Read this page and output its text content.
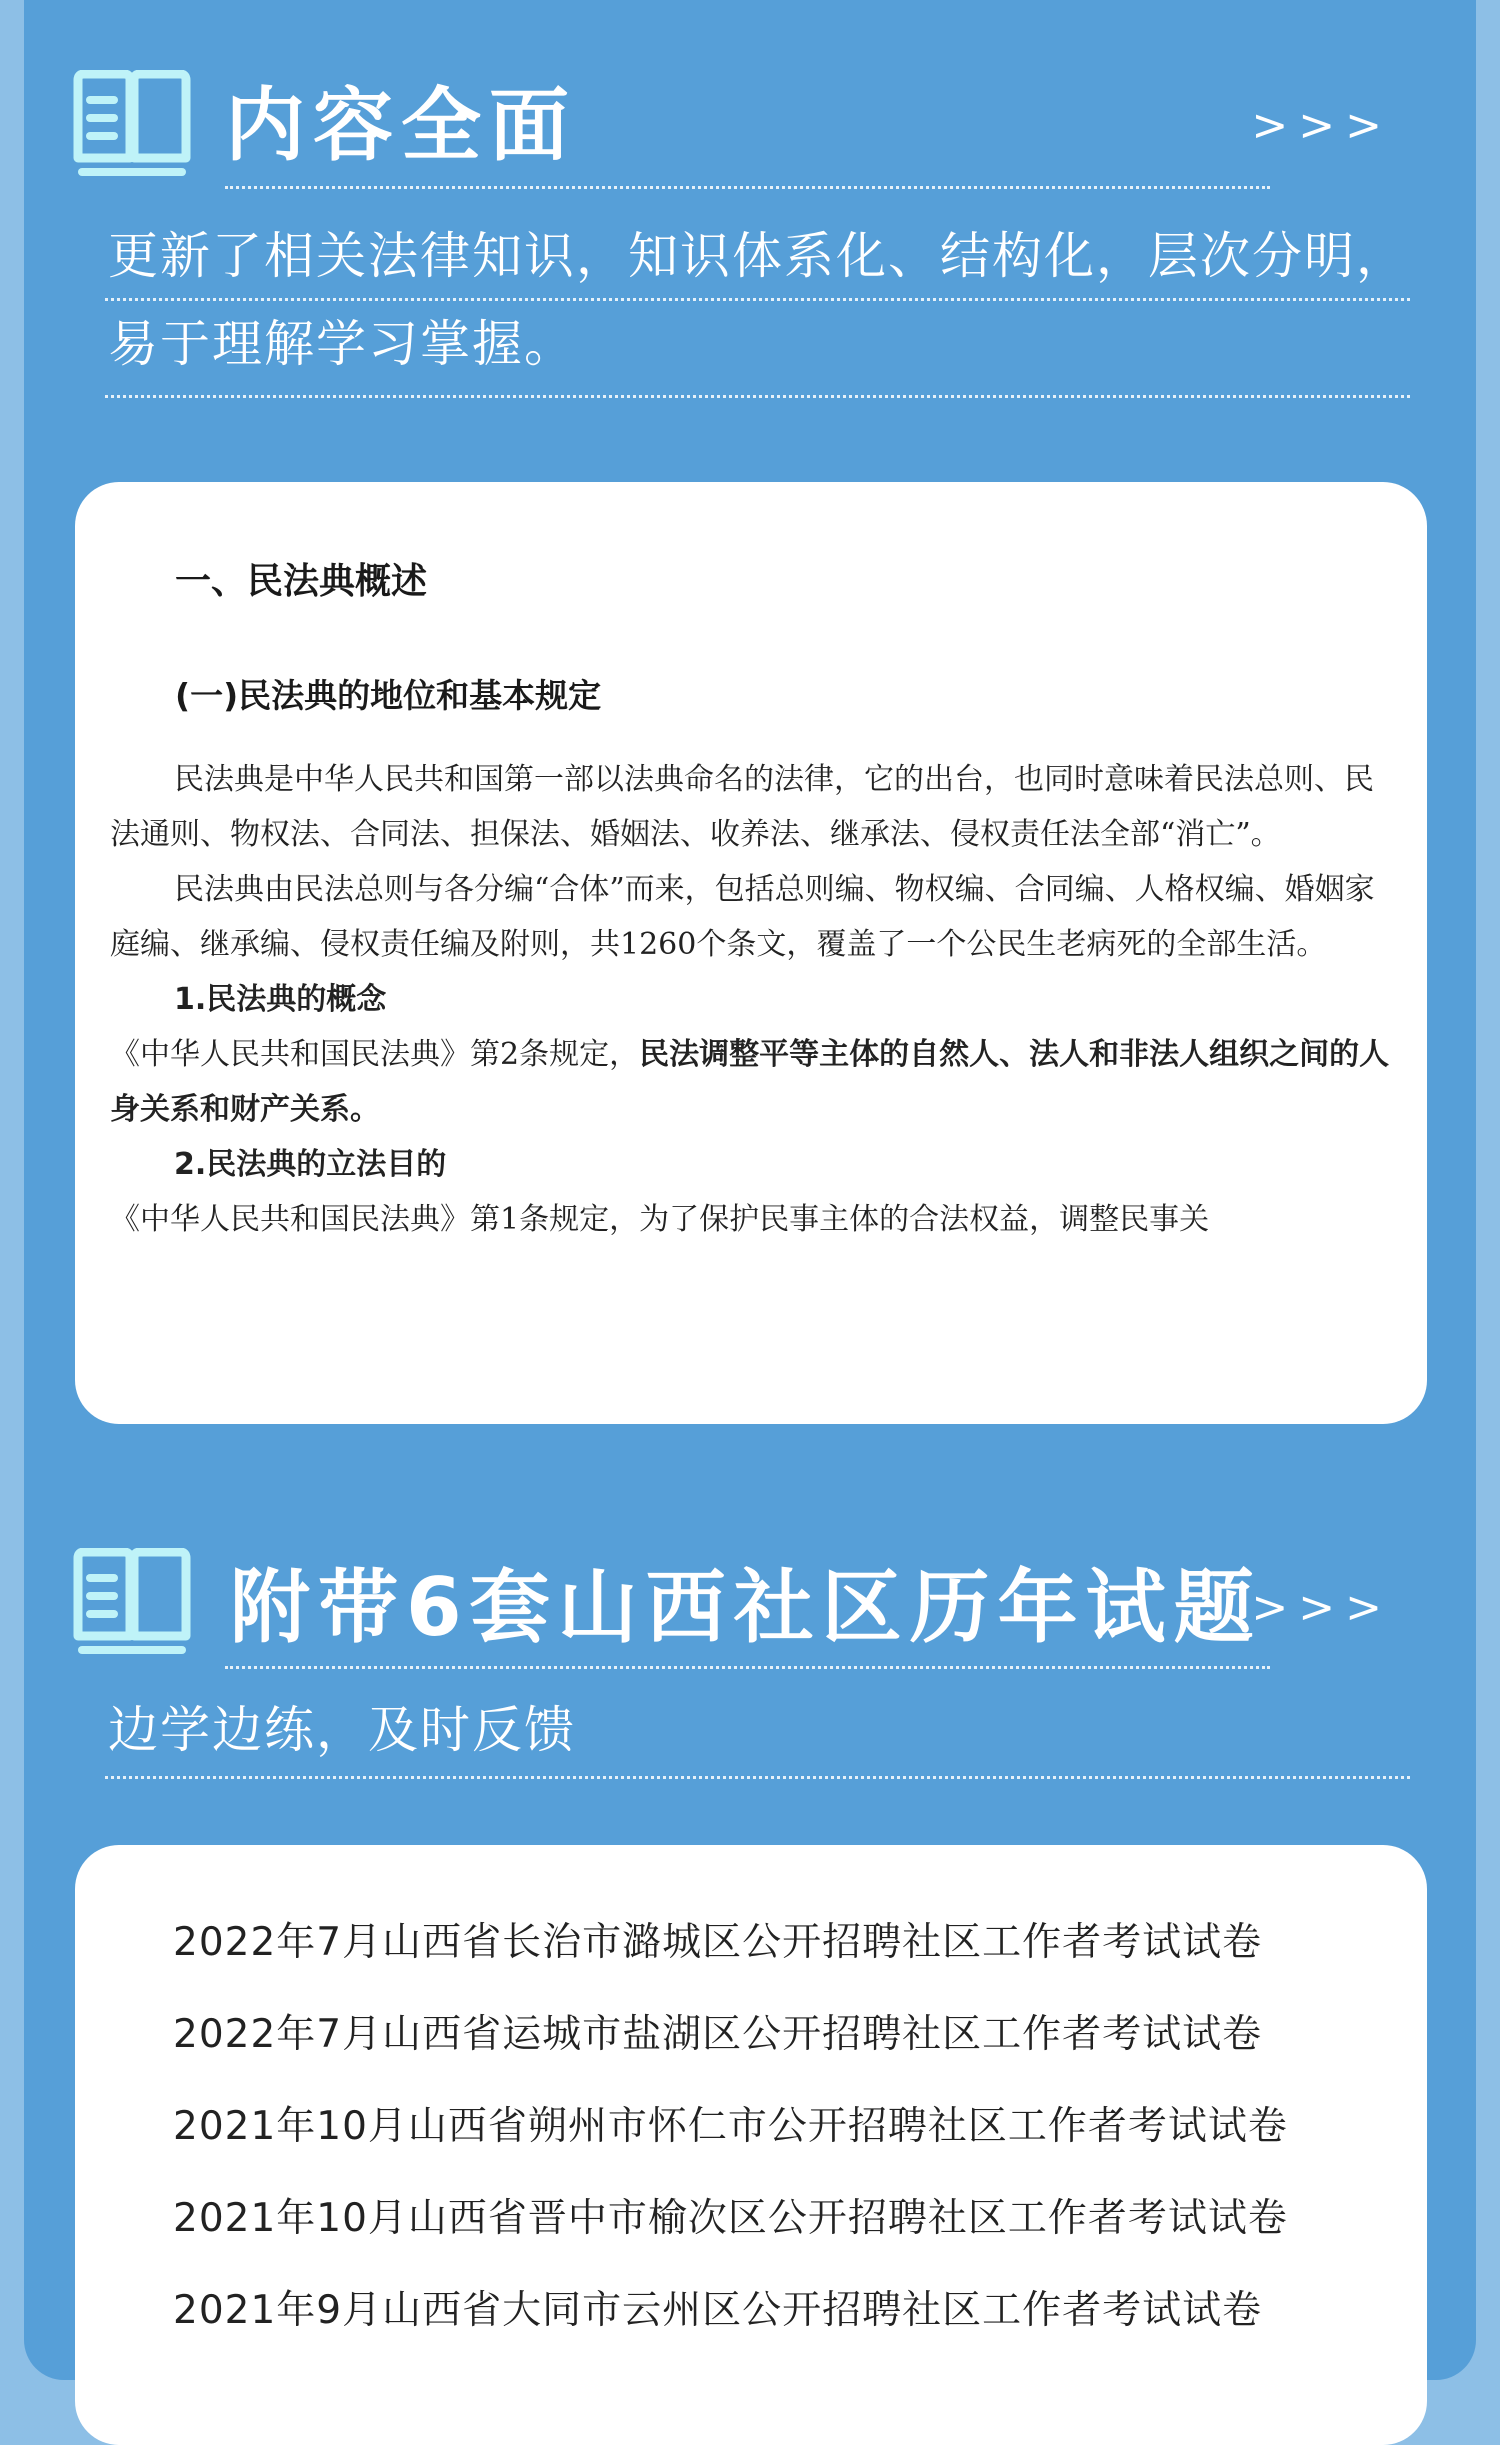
内容全面	>>>
更新了相关法律知识，知识体系化、结构化，层次分明，
易于理解学习掌握。
一、民法典概述
(一)民法典的地位和基本规定

民法典是中华人民共和国第一部以法典命名的法律，它的出台，也同时意味着民法总则、民法通则、物权法、合同法、担保法、婚姻法、收养法、继承法、侵权责任法全部“消亡”。

民法典由民法总则与各分编“合体”而来，包括总则编、物权编、合同编、人格权编、婚姻家庭编、继承编、侵权责任编及附则，共1260个条文，覆盖了一个公民生老病死的全部生活。

1.民法典的概念

《中华人民共和国民法典》第2条规定，民法调整平等主体的自然人、法人和非法人组织之间的人身关系和财产关系。

2.民法典的立法目的

《中华人民共和国民法典》第1条规定，为了保护民事主体的合法权益，调整民事关

附带6套山西社区历年试题
>>>
边学边练，及时反馈
2022年7月山西省长治市潞城区公开招聘社区工作者考试试卷
2022年7月山西省运城市盐湖区公开招聘社区工作者考试试卷
2021年10月山西省朔州市怀仁市公开招聘社区工作者考试试卷
2021年10月山西省晋中市榆次区公开招聘社区工作者考试试卷
2021年9月山西省大同市云州区公开招聘社区工作者考试试卷
